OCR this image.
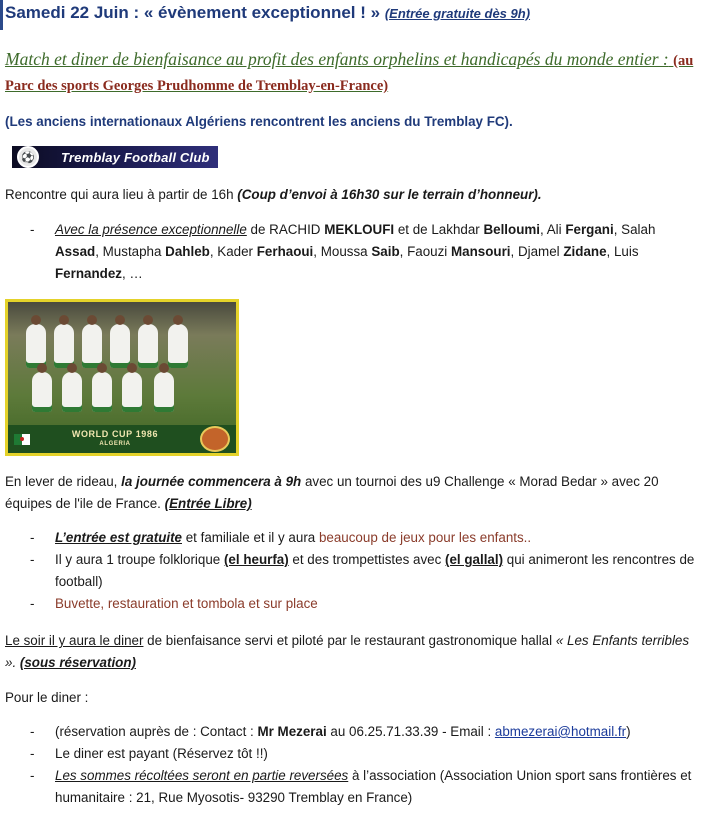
Samedi 22 Juin : « évènement exceptionnel ! » (Entrée gratuite dès 9h)

Match et diner de bienfaisance au profit des enfants orphelins et handicapés du monde entier : (au Parc des sports Georges Prudhomme de Tremblay-en-France)

(Les anciens internationaux Algériens rencontrent les anciens du Tremblay FC).

⚽	Tremblay Football Club

Rencontre qui aura lieu à partir de 16h (Coup d’envoi à 16h30 sur le terrain d’honneur).

- Avec la présence exceptionnelle de RACHID MEKLOUFI et de Lakhdar Belloumi, Ali Fergani, Salah Assad, Mustapha Dahleb, Kader Ferhaoui, Moussa Saib, Faouzi Mansouri, Djamel Zidane, Luis Fernandez, …
WORLD CUP 1986
ALGERIA

En lever de rideau, la journée commencera à 9h avec un tournoi des u9 Challenge « Morad Bedar » avec 20 équipes de l'ile de France. (Entrée Libre)

- L’entrée est gratuite et familiale et il y aura beaucoup de jeux pour les enfants..
- Il y aura 1 troupe folklorique (el heurfa) et des trompettistes avec (el gallal) qui animeront les rencontres de football)
- Buvette, restauration et tombola et sur place

Le soir il y aura le diner de bienfaisance servi et piloté par le restaurant gastronomique hallal « Les Enfants terribles ». (sous réservation)

Pour le diner :

- (réservation auprès de : Contact : Mr Mezerai au 06.25.71.33.39 - Email : abmezerai@hotmail.fr)
- Le diner est payant (Réservez tôt !!)
- Les sommes récoltées seront en partie reversées à l’association (Association Union sport sans frontières et humanitaire : 21, Rue Myosotis- 93290 Tremblay en France)
